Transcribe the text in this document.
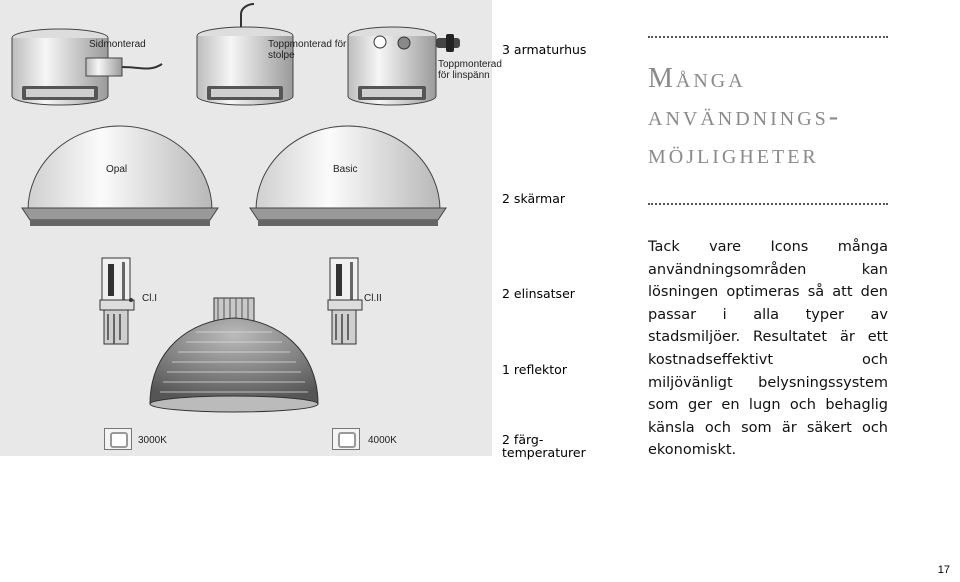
Sidmonterad	Toppmonterad för stolpe
Toppmonterad för linspänn
Opal	Basic
Cl.I	Cl.II
3000K	4000K
3 armaturhus
2 skärmar
2 elinsatser
1 reflektor
2 färg-
temperaturer
Många
användnings-
möjligheter
Tack vare Icons många användningsområden kan lösningen optimeras så att den passar i alla typer av stadsmiljöer. Resultatet är ett kostnadseffektivt och miljövänligt belysningssystem som ger en lugn och behaglig känsla och som är säkert och ekonomiskt.
17
